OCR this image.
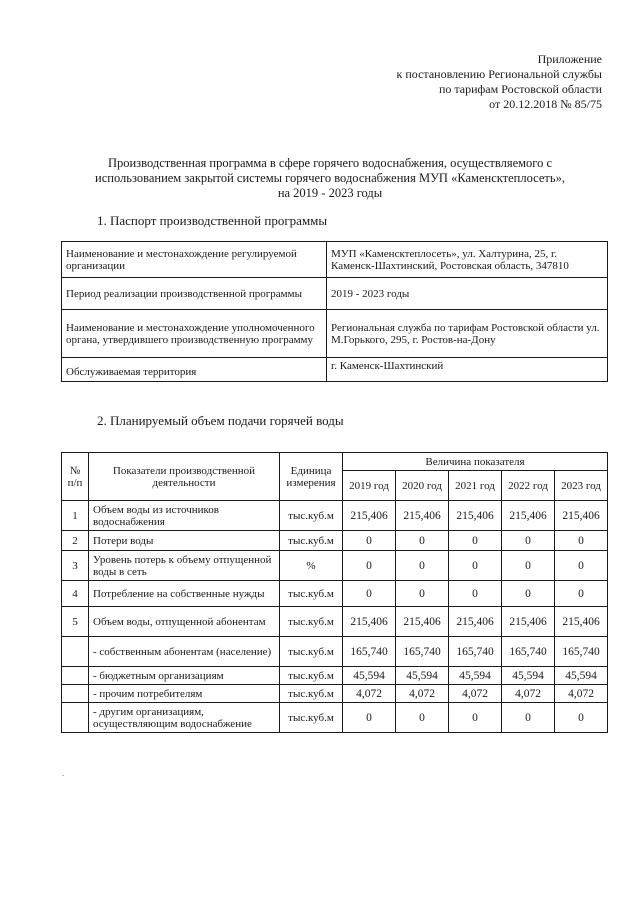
Приложение
к постановлению Региональной службы
по тарифам Ростовской области
от 20.12.2018 № 85/75
Производственная программа в сфере горячего водоснабжения, осуществляемого с
использованием закрытой системы горячего водоснабжения МУП «Каменсктеплосеть»,
на 2019 - 2023 годы
1. Паспорт производственной программы
Наименование и местонахождение регулируемой организации	МУП «Каменсктеплосеть», ул. Халтурина, 25, г. Каменск-Шахтинский, Ростовская область, 347810
Период реализации производственной программы	2019 - 2023 годы
Наименование и местонахождение уполномоченного органа, утвердившего производственную программу	Региональная служба по тарифам Ростовской области ул. М.Горького, 295, г. Ростов-на-Дону
Обслуживаемая территория	г. Каменск-Шахтинский
2. Планируемый объем подачи горячей воды
№ п/п	Показатели производственной деятельности	Единица измерения	Величина показателя				
			2019 год	2020 год	2021 год	2022 год	2023 год
1	Объем воды из источников водоснабжения	тыс.куб.м	215,406	215,406	215,406	215,406	215,406
2	Потери воды	тыс.куб.м	0	0	0	0	0
3	Уровень потерь к объему отпущенной воды в сеть	%	0	0	0	0	0
4	Потребление на собственные нужды	тыс.куб.м	0	0	0	0	0
5	Объем воды, отпущенной абонентам	тыс.куб.м	215,406	215,406	215,406	215,406	215,406
	- собственным абонентам (население)	тыс.куб.м	165,740	165,740	165,740	165,740	165,740
	- бюджетным организациям	тыс.куб.м	45,594	45,594	45,594	45,594	45,594
	- прочим потребителям	тыс.куб.м	4,072	4,072	4,072	4,072	4,072
	- другим организациям, осуществляющим водоснабжение	тыс.куб.м	0	0	0	0	0
.
